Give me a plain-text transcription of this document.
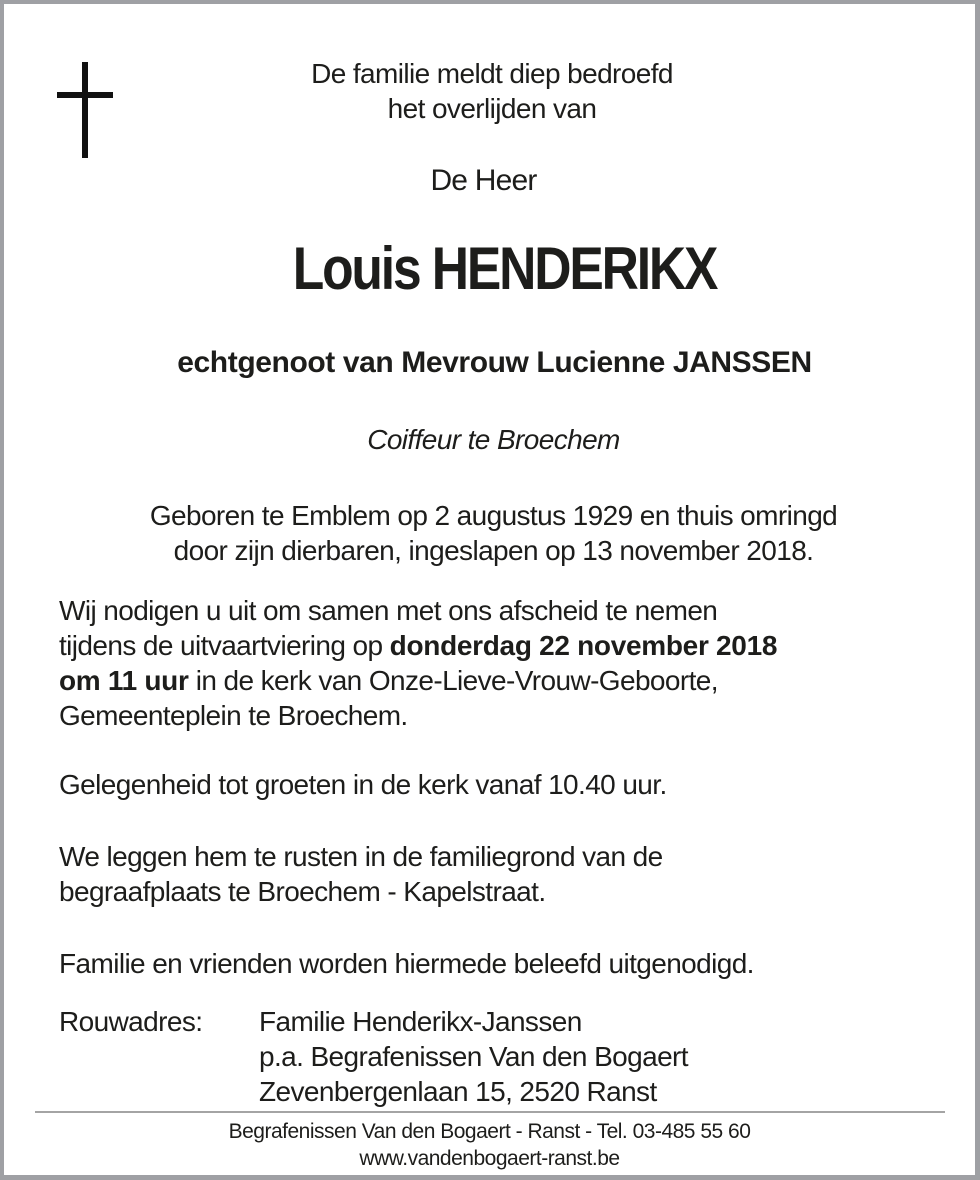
De familie meldt diep bedroefd
het overlijden van
De Heer
Louis HENDERIKX
echtgenoot van Mevrouw Lucienne JANSSEN
Coiffeur te Broechem
Geboren te Emblem op 2 augustus 1929 en thuis omringd
door zijn dierbaren, ingeslapen op 13 november 2018.
Wij nodigen u uit om samen met ons afscheid te nemen
tijdens de uitvaartviering op donderdag 22 november 2018
om 11 uur in de kerk van Onze-Lieve-Vrouw-Geboorte,
Gemeenteplein te Broechem.
Gelegenheid tot groeten in de kerk vanaf 10.40 uur.
We leggen hem te rusten in de familiegrond van de
begraafplaats te Broechem - Kapelstraat.
Familie en vrienden worden hiermede beleefd uitgenodigd.
Rouwadres: Familie Henderikx-Janssen
p.a. Begrafenissen Van den Bogaert
Zevenbergenlaan 15, 2520 Ranst
Begrafenissen Van den Bogaert - Ranst - Tel. 03-485 55 60
www.vandenbogaert-ranst.be
